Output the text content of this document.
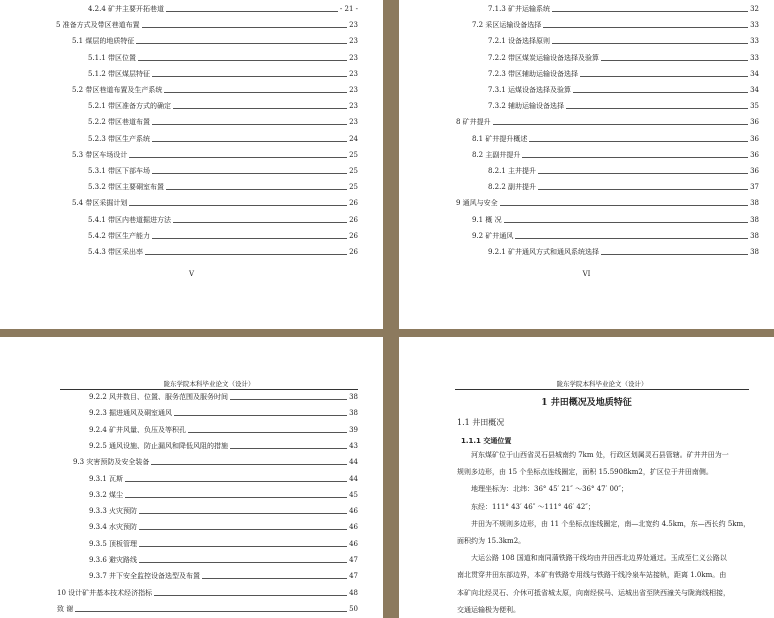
4.2.4 矿井主要开拓巷道	- 21 -
5 准备方式及带区巷道布置	23
5.1 煤层的地质特征	23
5.1.1 带区位置	23
5.1.2 带区煤层特征	23
5.2 带区巷道布置及生产系统	23
5.2.1 带区准备方式的确定	23
5.2.2 带区巷道布置	23
5.2.3 带区生产系统	24
5.3 带区车场设计	25
5.3.1 带区下部车场	25
5.3.2 带区主要硐室布置	25
5.4 带区采掘计划	26
5.4.1 带区内巷道掘进方法	26
5.4.2 带区生产能力	26
5.4.3 带区采出率	26
V
7.1.3 矿井运输系统	32
7.2 采区运输设备选择	33
7.2.1 设备选择原则	33
7.2.2 带区煤炭运输设备选择及验算	33
7.2.3 带区辅助运输设备选择	34
7.3.1 运煤设备选择及验算	34
7.3.2 辅助运输设备选择	35
8 矿井提升	36
8.1 矿井提升概述	36
8.2 主副井提升	36
8.2.1 主井提升	36
8.2.2 副井提升	37
9 通风与安全	38
9.1 概 况	38
9.2 矿井通风	38
9.2.1 矿井通风方式和通风系统选择	38
VI
陇东学院本科毕业论文（设计）
9.2.2 风井数目、位置、服务范围及服务时间	38
9.2.3 掘进通风及硐室通风	38
9.2.4 矿井风量、负压及等积孔	39
9.2.5 通风设施、防止漏风和降低风阻的措施	43
9.3 灾害预防及安全装备	44
9.3.1 瓦斯	44
9.3.2 煤尘	45
9.3.3 火灾预防	46
9.3.4 水灾预防	46
9.3.5 顶板管理	46
9.3.6 避灾路线	47
9.3.7 井下安全监控设备选型及布置	47
10 设计矿井基本技术经济指标	48
致 谢	50
陇东学院本科毕业论文（设计）
1 井田概况及地质特征
1.1 井田概况
1.1.1 交通位置
河东煤矿位于山西省灵石县城南约 7km 处，行政区划属灵石县管辖。矿井井田为一
规则多边形，由 15 个坐标点连线圈定，面积 15.5908km2，扩区位于井田南侧。
地理坐标为：北纬：36° 45′ 21″ ～36° 47′ 00″；
东经：111° 43′ 46″ ～111° 46′ 42″；
井田为不规则多边形，由 11 个坐标点连线圈定，南—北宽约 4.5km，东—西长约 5km，
面积约为 15.3km2。
大运公路 108 国道和南同蒲铁路干线均由井田西北边界处通过。玉成至仁义公路以
南北贯穿井田东部边界，本矿有铁路专用线与铁路干线冷泉车站接轨，距离 1.0km。由
本矿向北经灵石、介休可抵省城太原，向南经侯马、运城出省至陕西潼关与陇海线相接，
交通运输极为便利。
